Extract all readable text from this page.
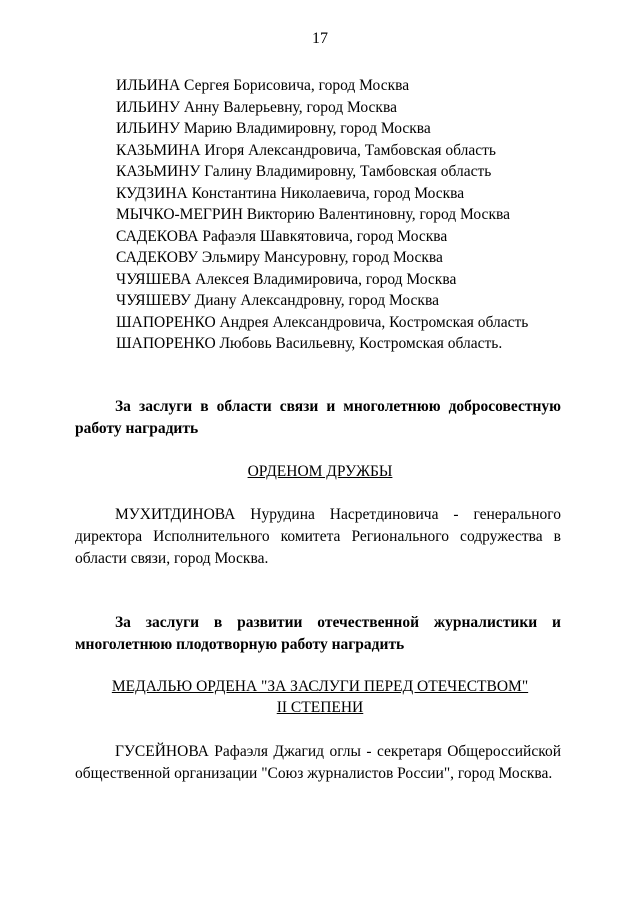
17
ИЛЬИНА Сергея Борисовича, город Москва
ИЛЬИНУ Анну Валерьевну, город Москва
ИЛЬИНУ Марию Владимировну, город Москва
КАЗЬМИНА Игоря Александровича, Тамбовская область
КАЗЬМИНУ Галину Владимировну, Тамбовская область
КУДЗИНА Константина Николаевича, город Москва
МЫЧКО-МЕГРИН Викторию Валентиновну, город Москва
САДЕКОВА Рафаэля Шавкятовича, город Москва
САДЕКОВУ Эльмиру Мансуровну, город Москва
ЧУЯШЕВА Алексея Владимировича, город Москва
ЧУЯШЕВУ Диану Александровну, город Москва
ШАПОРЕНКО Андрея Александровича, Костромская область
ШАПОРЕНКО Любовь Васильевну, Костромская область.

За заслуги в области связи и многолетнюю добросовестную работу наградить

ОРДЕНОМ ДРУЖБЫ

МУХИТДИНОВА Нурудина Насретдиновича - генерального директора Исполнительного комитета Регионального содружества в области связи, город Москва.

За заслуги в развитии отечественной журналистики и многолетнюю плодотворную работу наградить

МЕДАЛЬЮ ОРДЕНА "ЗА ЗАСЛУГИ ПЕРЕД ОТЕЧЕСТВОМ"

II СТЕПЕНИ

ГУСЕЙНОВА Рафаэля Джагид оглы - секретаря Общероссийской общественной организации "Союз журналистов России", город Москва.
